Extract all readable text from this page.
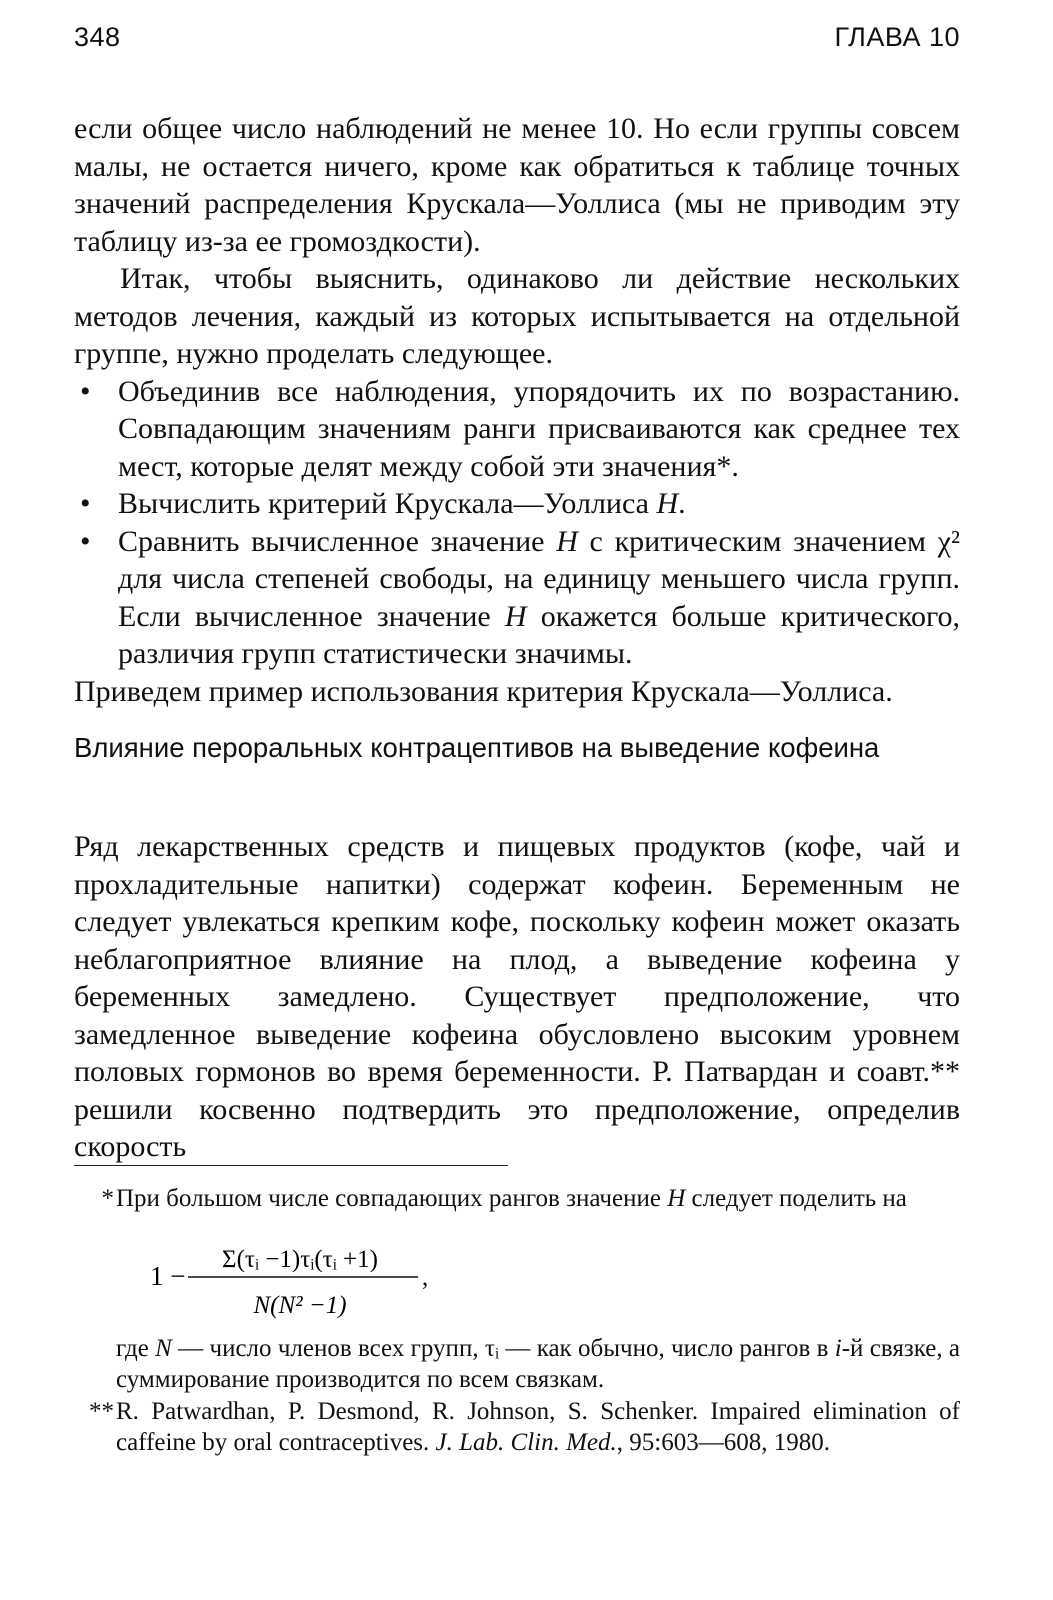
348	ГЛАВА 10

если общее число наблюдений не менее 10. Но если группы совсем малы, не остается ничего, кроме как обратиться к таблице точных значений распределения Крускала—Уоллиса (мы не приводим эту таблицу из-за ее громоздкости).

Итак, чтобы выяснить, одинаково ли действие нескольких методов лечения, каждый из которых испытывается на отдельной группе, нужно проделать следующее.

• Объединив все наблюдения, упорядочить их по возрастанию. Совпадающим значениям ранги присваиваются как среднее тех мест, которые делят между собой эти значения*.
• Вычислить критерий Крускала—Уоллиса H.
• Сравнить вычисленное значение H с критическим значением χ² для числа степеней свободы, на единицу меньшего числа групп. Если вычисленное значение H окажется больше критического, различия групп статистически значимы.

Приведем пример использования критерия Крускала—Уоллиса.

Влияние пероральных контрацептивов на выведение кофеина

Ряд лекарственных средств и пищевых продуктов (кофе, чай и прохладительные напитки) содержат кофеин. Беременным не следует увлекаться крепким кофе, поскольку кофеин может оказать неблагоприятное влияние на плод, а выведение кофеина у беременных замедлено. Существует предположение, что замедленное выведение кофеина обусловлено высоким уровнем половых гормонов во время беременности. Р. Патвардан и соавт.** решили косвенно подтвердить это предположение, определив скорость

* При большом числе совпадающих рангов значение H следует поделить на
1 −
Σ(τᵢ −1)τᵢ(τᵢ +1)
N(N² −1)
,
где N — число членов всех групп, τᵢ — как обычно, число рангов в i-й связке, а суммирование производится по всем связкам.
** R. Patwardhan, P. Desmond, R. Johnson, S. Schenker. Impaired elimination of caffeine by oral contraceptives. J. Lab. Clin. Med., 95:603—608, 1980.
